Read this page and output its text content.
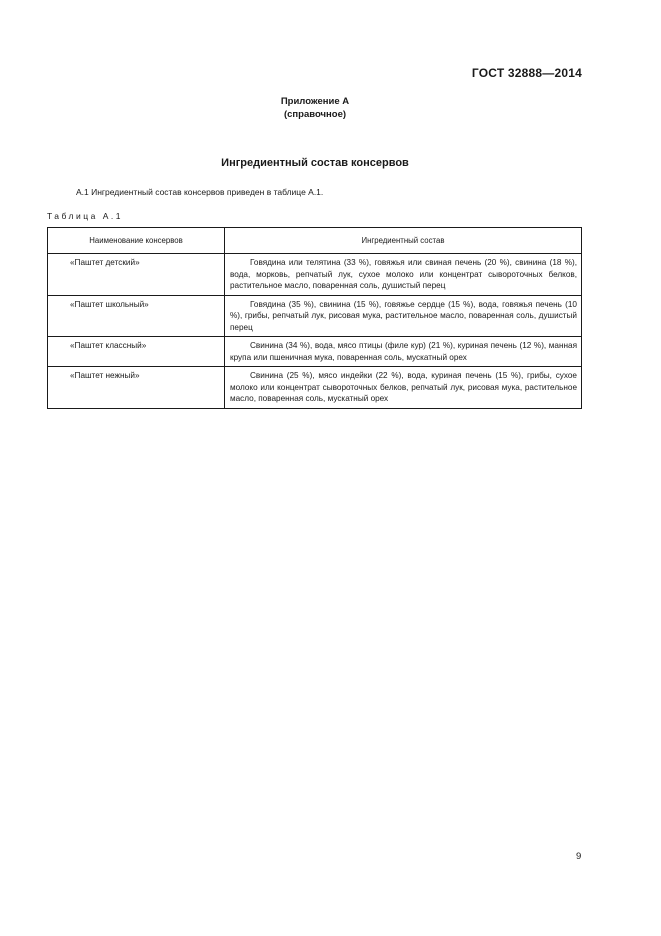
ГОСТ 32888—2014
Приложение А
(справочное)
Ингредиентный состав консервов
А.1 Ингредиентный состав консервов приведен в таблице А.1.
Таблица А.1
Наименование консервов	Ингредиентный состав
«Паштет детский»	Говядина или телятина (33 %), говяжья или свиная печень (20 %), свинина (18 %), вода, морковь, репчатый лук, сухое молоко или концентрат сывороточных белков, растительное масло, поваренная соль, душистый перец
«Паштет школьный»	Говядина (35 %), свинина (15 %), говяжье сердце (15 %), вода, говяжья печень (10 %), грибы, репчатый лук, рисовая мука, растительное масло, поваренная соль, душистый перец
«Паштет классный»	Свинина (34 %), вода, мясо птицы (филе кур) (21 %), куриная печень (12 %), манная крупа или пшеничная мука, поваренная соль, мускатный орех
«Паштет нежный»	Свинина (25 %), мясо индейки (22 %), вода, куриная печень (15 %), грибы, сухое молоко или концентрат сывороточных белков, репчатый лук, рисовая мука, растительное масло, поваренная соль, мускатный орех
9
